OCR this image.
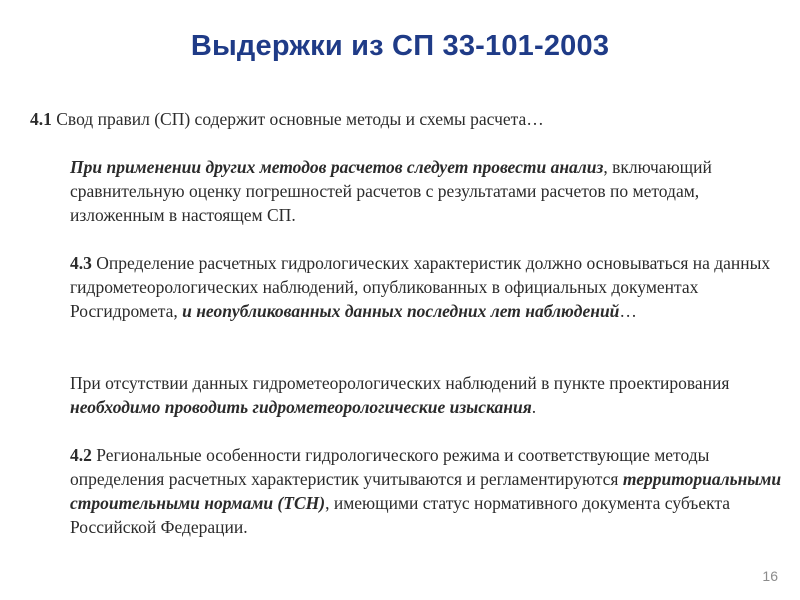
Выдержки из СП 33-101-2003
4.1 Свод правил (СП) содержит основные методы и схемы расчета…
При применении других методов расчетов следует провести анализ, включающий сравнительную оценку погрешностей расчетов с результатами расчетов по методам, изложенным в настоящем СП.
4.3 Определение расчетных гидрологических характеристик должно основываться на данных гидрометеорологических наблюдений, опубликованных в официальных документах Росгидромета, и неопубликованных данных последних лет наблюдений…
При отсутствии данных гидрометеорологических наблюдений в пункте проектирования необходимо проводить гидрометеорологические изыскания.
4.2 Региональные особенности гидрологического режима и соответствующие методы определения расчетных характеристик учитываются и регламентируются территориальными строительными нормами (ТСН), имеющими статус нормативного документа субъекта Российской Федерации.
16
